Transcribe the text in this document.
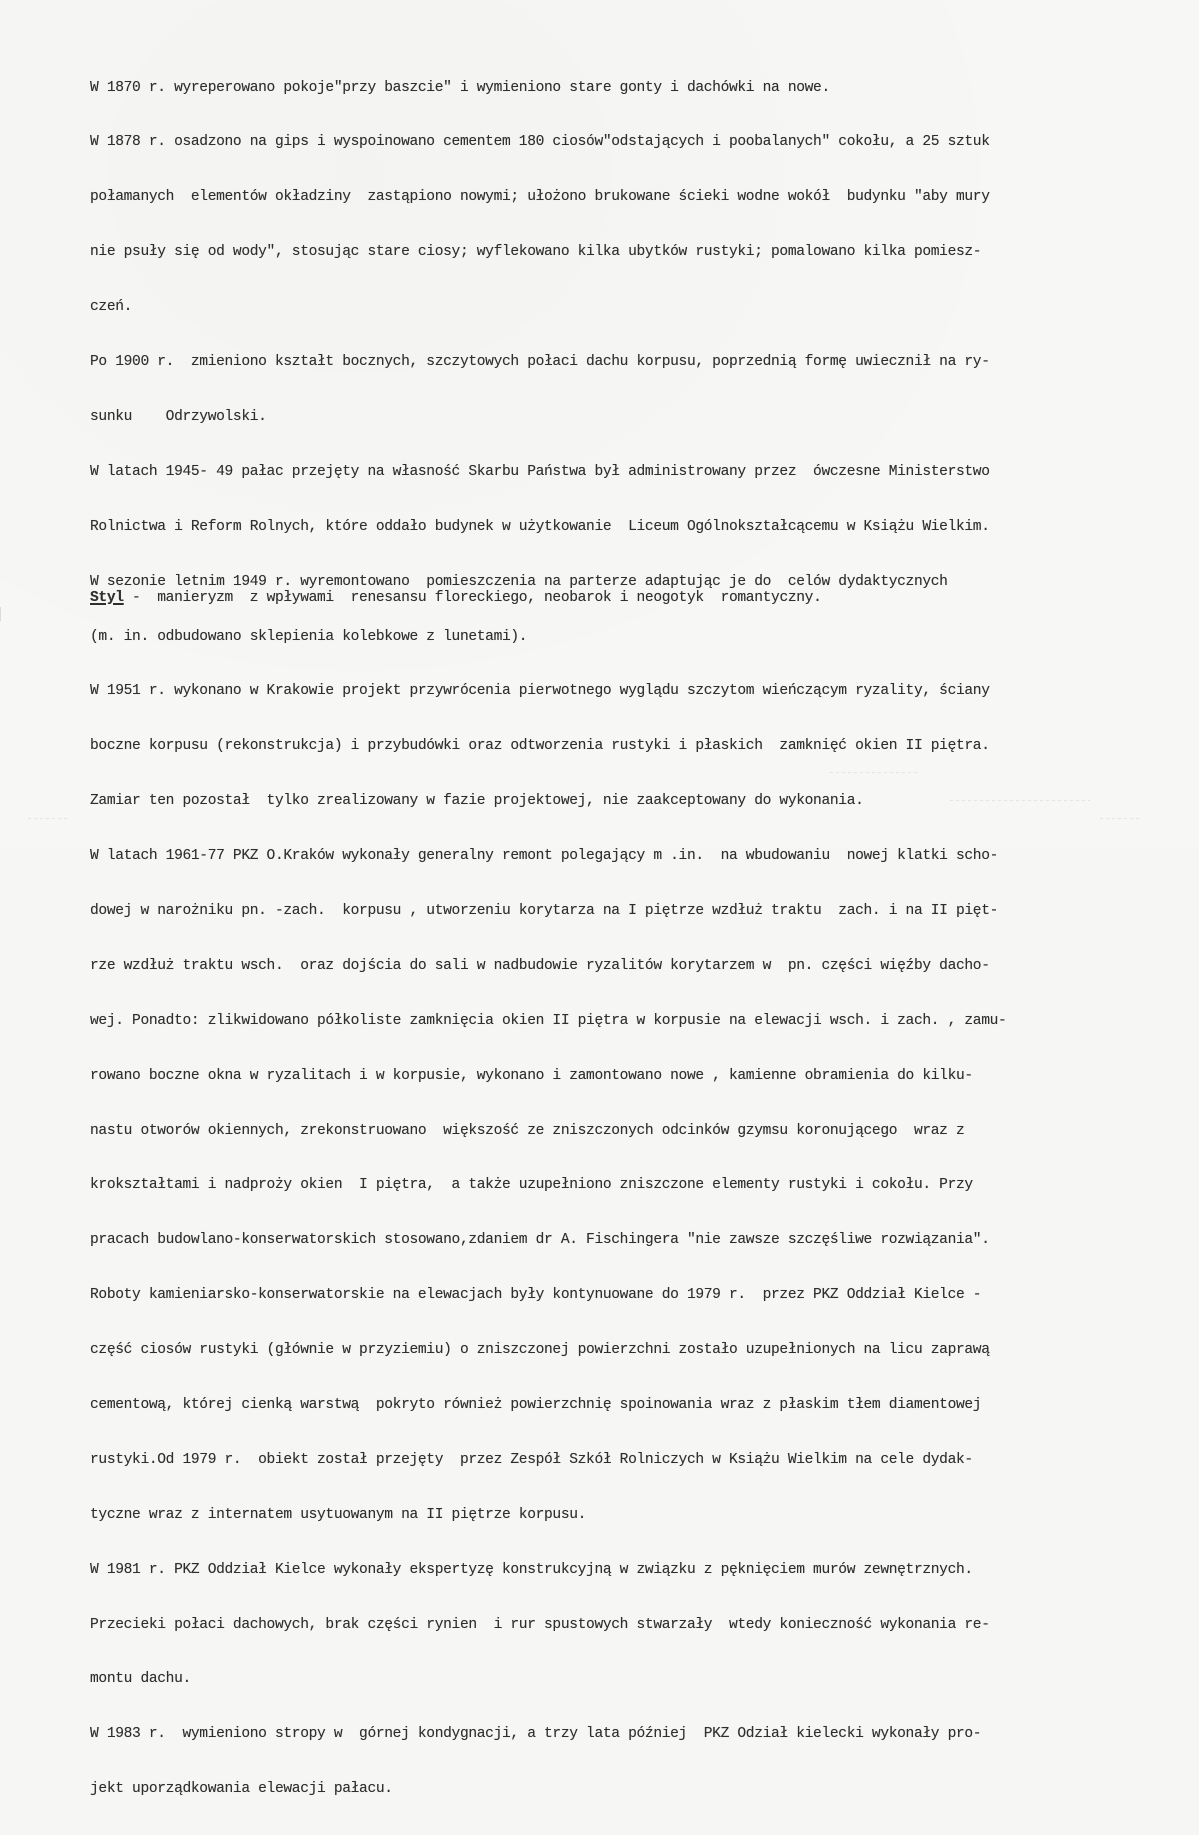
W 1870 r. wyreperowano pokoje"przy baszcie" i wymieniono stare gonty i dachówki na nowe.

W 1878 r. osadzono na gips i wyspoinowano cementem 180 ciosów"odstających i poobalanych" cokołu, a 25 sztuk

połamanych  elementów okładziny  zastąpiono nowymi; ułożono brukowane ścieki wodne wokół  budynku "aby mury

nie psuły się od wody", stosując stare ciosy; wyflekowano kilka ubytków rustyki; pomalowano kilka pomiesz-

czeń.

Po 1900 r.  zmieniono kształt bocznych, szczytowych połaci dachu korpusu, poprzednią formę uwiecznił na ry-

sunku    Odrzywolski.

W latach 1945- 49 pałac przejęty na własność Skarbu Państwa był administrowany przez  ówczesne Ministerstwo

Rolnictwa i Reform Rolnych, które oddało budynek w użytkowanie  Liceum Ogólnokształcącemu w Książu Wielkim.

W sezonie letnim 1949 r. wyremontowano  pomieszczenia na parterze adaptując je do  celów dydaktycznych

(m. in. odbudowano sklepienia kolebkowe z lunetami).

W 1951 r. wykonano w Krakowie projekt przywrócenia pierwotnego wyglądu szczytom wieńczącym ryzality, ściany

boczne korpusu (rekonstrukcja) i przybudówki oraz odtworzenia rustyki i płaskich  zamknięć okien II piętra.

Zamiar ten pozostał  tylko zrealizowany w fazie projektowej, nie zaakceptowany do wykonania.

W latach 1961-77 PKZ O.Kraków wykonały generalny remont polegający m .in.  na wbudowaniu  nowej klatki scho-

dowej w narożniku pn. -zach.  korpusu , utworzeniu korytarza na I piętrze wzdłuż traktu  zach. i na II pięt-

rze wzdłuż traktu wsch.  oraz dojścia do sali w nadbudowie ryzalitów korytarzem w  pn. części więźby dacho-

wej. Ponadto: zlikwidowano półkoliste zamknięcia okien II piętra w korpusie na elewacji wsch. i zach. , zamu-

rowano boczne okna w ryzalitach i w korpusie, wykonano i zamontowano nowe , kamienne obramienia do kilku-

nastu otworów okiennych, zrekonstruowano  większość ze zniszczonych odcinków gzymsu koronującego  wraz z

krokształtami i nadproży okien  I piętra,  a także uzupełniono zniszczone elementy rustyki i cokołu. Przy

pracach budowlano-konserwatorskich stosowano,zdaniem dr A. Fischingera "nie zawsze szczęśliwe rozwiązania".

Roboty kamieniarsko-konserwatorskie na elewacjach były kontynuowane do 1979 r.  przez PKZ Oddział Kielce -

część ciosów rustyki (głównie w przyziemiu) o zniszczonej powierzchni zostało uzupełnionych na licu zaprawą

cementową, której cienką warstwą  pokryto również powierzchnię spoinowania wraz z płaskim tłem diamentowej

rustyki.Od 1979 r.  obiekt został przejęty  przez Zespół Szkół Rolniczych w Książu Wielkim na cele dydak-

tyczne wraz z internatem usytuowanym na II piętrze korpusu.

W 1981 r. PKZ Oddział Kielce wykonały ekspertyzę konstrukcyjną w związku z pęknięciem murów zewnętrznych.

Przecieki połaci dachowych, brak części rynien  i rur spustowych stwarzały  wtedy konieczność wykonania re-

montu dachu.

W 1983 r.  wymieniono stropy w  górnej kondygnacji, a trzy lata później  PKZ Odział kielecki wykonały pro-

jekt uporządkowania elewacji pałacu.

Styl -  manieryzm  z wpływami  renesansu floreckiego, neobarok i neogotyk  romantyczny.
